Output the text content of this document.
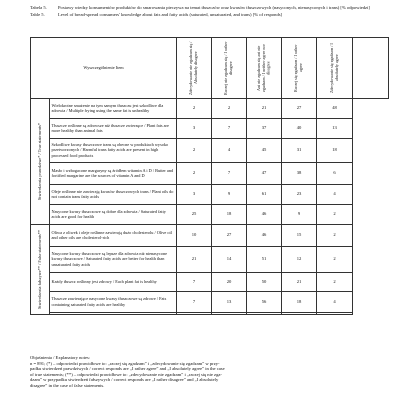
Tabela 5.	Postawy wiedzy konsumentów produktów do smarowania pieczywa na temat tłuszczów oraz kwasów tłuszczowych (nasyconych, nienasyconych i trans) [% odpowiedzi]
Table 5.	Level of bread-spread consumers' knowledge about fats and fatty acids (saturated, unsaturated, and trans) [% of responds]
Wyszczególnienie Item		Zdecydowanie nie zgadzam się / Absolutely disagree	Raczej nie zgadzam się / I rather disagree	Ani nie zgadzam się ani nie zgadzam / I neither agree nor disagree	Raczej się zgadzam / I rather agree	Zdecydowanie się zgadzam / I absolutely agree	

Stwierdzenia prawdziwe* / True statements*	Wielokrotne smażenie na tym samym tłuszczu jest szkodliwe dla zdrowia / Multiple frying using the same fat is unhealthy	2	2	21	27	48	
	Tłuszcze roślinne są zdrowsze niż tłuszcze zwierzęce / Plant fats are more healthy than animal fats	3	7	37	40	13	
	Szkodliwe kwasy tłuszczowe trans są obecne w produktach wysoko przetworzonych / Harmful trans fatty acids are present in high processed food products	2	4	45	31	18	
	Masło i wzbogacone margaryny są źródłem witamin A i D / Butter and fortified margarine are the sources of vitamin A and D	2	7	47	38	6	
	Oleje roślinne nie zawierają kwasów tłuszczowych trans / Plant oils do not contain trans fatty acids	3	9	61	23	4	
	Nasycone kwasy tłuszczowe są dobre dla zdrowia / Saturated fatty acids are good for health	25	18	46	9	2	

Stwierdzenia fałszywe** / False statements**	Oliwa z oliwek i oleje roślinne zawierają dużo cholesterolu / Olive oil and other oils are cholesterol-rich	10	27	46	15	2	
	Nasycone kwasy tłuszczowe są lepsze dla zdrowia niż nienasycone kwasy tłuszczowe / Saturated fatty acids are better for health than unsaturated fatty acids	21	14	51	12	2	
	Każdy tłuszcz roślinny jest zdrowy / Each plant fat is healthy	7	20	50	21	2	
	Tłuszcze zawierające nasycone kwasy tłuszczowe są zdrowe / Fats containing saturated fatty acids are healthy	7	13	56	18	4	

Objaśnienia / Explanatory notes:
n = 891; (*) – odpowiedzi prawidłowe to: „raczej się zgadzam” i „zdecydowanie się zgadzam” w przy-
padku stwierdzeń prawdziwych / correct responds are „I rather agree” and „I absolutely agree” in the case
of true statements; (**) – odpowiedzi prawidłowe to: „zdecydowanie nie zgadzam” i „raczej się nie zga-
dzam” w przypadku stwierdzeń fałszywych / correct responds are „I rather disagree” and „I absolutely
disagree” in the case of false statements.
